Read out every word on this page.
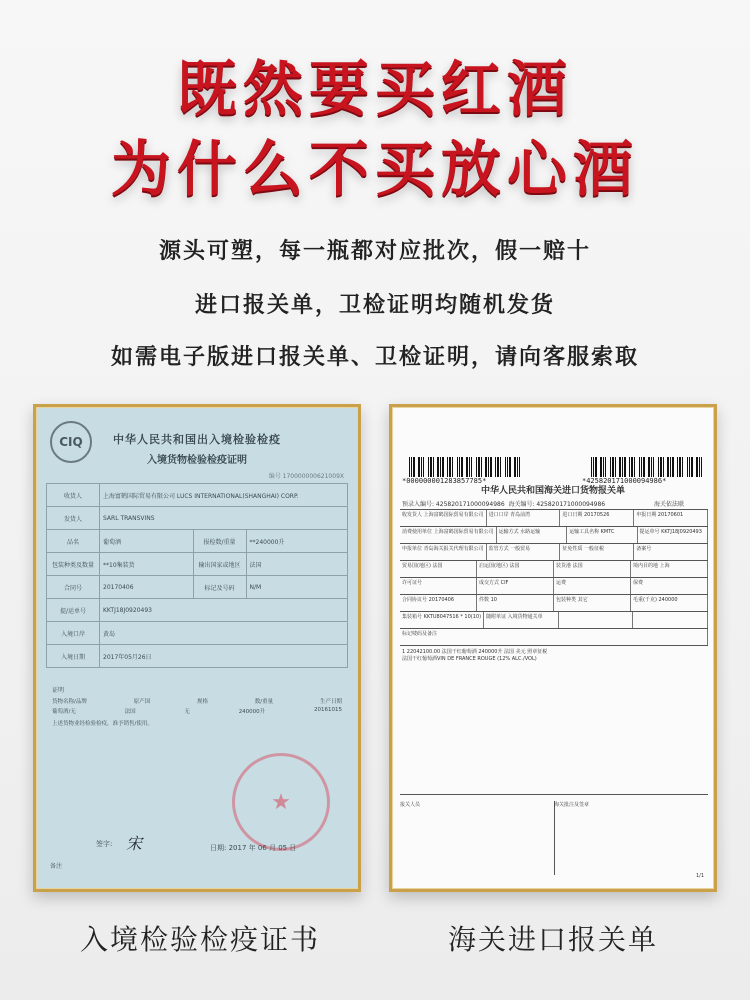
既然要买红酒
为什么不买放心酒
源头可塑，每一瓶都对应批次，假一赔十
进口报关单，卫检证明均随机发货
如需电子版进口报关单、卫检证明，请向客服索取
CIQ	中华人民共和国出入境检验检疫
入境货物检验检疫证明
编号 170000000621009X
收货人	上海富鹤国际贸易有限公司 LUCS INTERNATIONAL(SHANGHAI) CORP.		
发货人	SARL TRANSVINS		
品名	葡萄酒	报检数/重量	**240000升
包装种类及数量	**10集装货	输出国家或地区	法国
合同号	20170406	标记及号码	N/M
提/运单号	KKTJ18J0920493		
入境口岸	黄岛		
入境日期	2017年05月26日		
证明
货物名称/品牌	原产国	规格	数/重量	生产日期
葡萄酒/无	法国	无	240000升	20161015
上述货物业经检验检疫，准予销售/使用。
★
签字: 宋	日期: 2017 年 06 月 05 日
备注
*000000001283857785*	*425820171000094986*
中华人民共和国海关进口货物报关单
海关依法联
预录入编号: 425820171000094986 海关编号: 425820171000094986
收发货人 上海富鹤国际贸易有限公司	进口口岸 青岛前湾	进口日期 20170526	申报日期 20170601
消费使用单位 上海富鹤国际贸易有限公司	运输方式 水路运输	运输工具名称 KMTC	提运单号 KKTJ18J0920493
申报单位 青岛海关报关代理有限公司	监管方式 一般贸易	征免性质 一般征税	备案号
贸易国(地区) 法国	启运国(地区) 法国	装货港 法国	境内目的地 上海
许可证号	成交方式 CIF	运费	保费
合同协议号 20170406	件数 10	包装种类 其它	毛重(千克) 240000
集装箱号 KKTU8047516 * 10(10)	随附单证 入境货物通关单
标记唛码及备注
1 22042100.00 法国干红葡萄酒 240000升 法国 美元 照章征税
法国干红葡萄酒VIN DE FRANCE ROUGE (12% ALC./VOL)
报关人员	海关批注及签章
1/1
入境检验检疫证书	海关进口报关单
